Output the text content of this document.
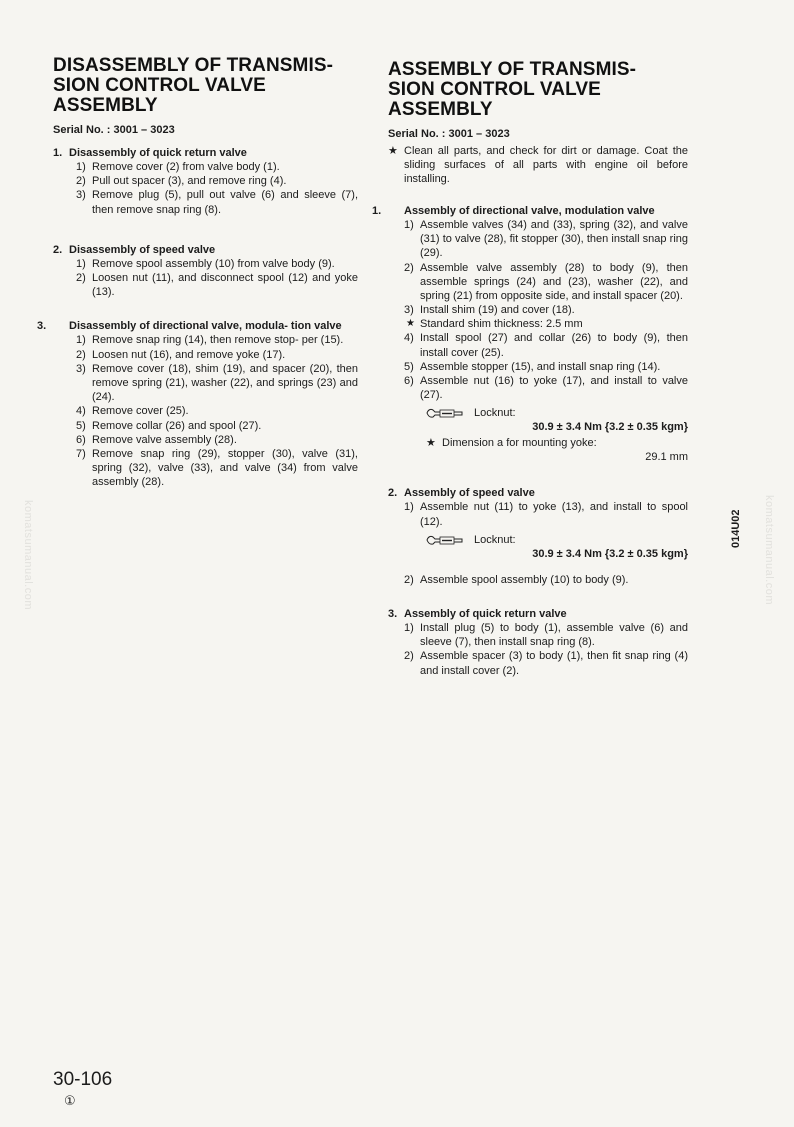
DISASSEMBLY OF TRANSMIS- SION CONTROL VALVE ASSEMBLY
Serial No. : 3001 – 3023
1. Disassembly of quick return valve
1) Remove cover (2) from valve body (1).
2) Pull out spacer (3), and remove ring (4).
3) Remove plug (5), pull out valve (6) and sleeve (7), then remove snap ring (8).
2. Disassembly of speed valve
1) Remove spool assembly (10) from valve body (9).
2) Loosen nut (11), and disconnect spool (12) and yoke (13).
3. Disassembly of directional valve, modula- tion valve
1) Remove snap ring (14), then remove stop- per (15).
2) Loosen nut (16), and remove yoke (17).
3) Remove cover (18), shim (19), and spacer (20), then remove spring (21), washer (22), and springs (23) and (24).
4) Remove cover (25).
5) Remove collar (26) and spool (27).
6) Remove valve assembly (28).
7) Remove snap ring (29), stopper (30), valve (31), spring (32), valve (33), and valve (34) from valve assembly (28).
ASSEMBLY OF TRANSMIS- SION CONTROL VALVE ASSEMBLY
Serial No. : 3001 – 3023
★ Clean all parts, and check for dirt or damage. Coat the sliding surfaces of all parts with engine oil before installing.
1. Assembly of directional valve, modulation valve
1) Assemble valves (34) and (33), spring (32), and valve (31) to valve (28), fit stopper (30), then install snap ring (29).
2) Assemble valve assembly (28) to body (9), then assemble springs (24) and (23), washer (22), and spring (21) from opposite side, and install spacer (20).
3) Install shim (19) and cover (18).
★ Standard shim thickness: 2.5 mm
4) Install spool (27) and collar (26) to body (9), then install cover (25).
5) Assemble stopper (15), and install snap ring (14).
6) Assemble nut (16) to yoke (17), and install to valve (27).
Locknut:
30.9 ± 3.4 Nm {3.2 ± 0.35 kgm}
★ Dimension a for mounting yoke:
29.1 mm
2. Assembly of speed valve
1) Assemble nut (11) to yoke (13), and install to spool (12).
Locknut:
30.9 ± 3.4 Nm {3.2 ± 0.35 kgm}
2) Assemble spool assembly (10) to body (9).
3. Assembly of quick return valve
1) Install plug (5) to body (1), assemble valve (6) and sleeve (7), then install snap ring (8).
2) Assemble spacer (3) to body (1), then fit snap ring (4) and install cover (2).
014U02
komatsumanual.com	komatsumanual.com
30-106
①
